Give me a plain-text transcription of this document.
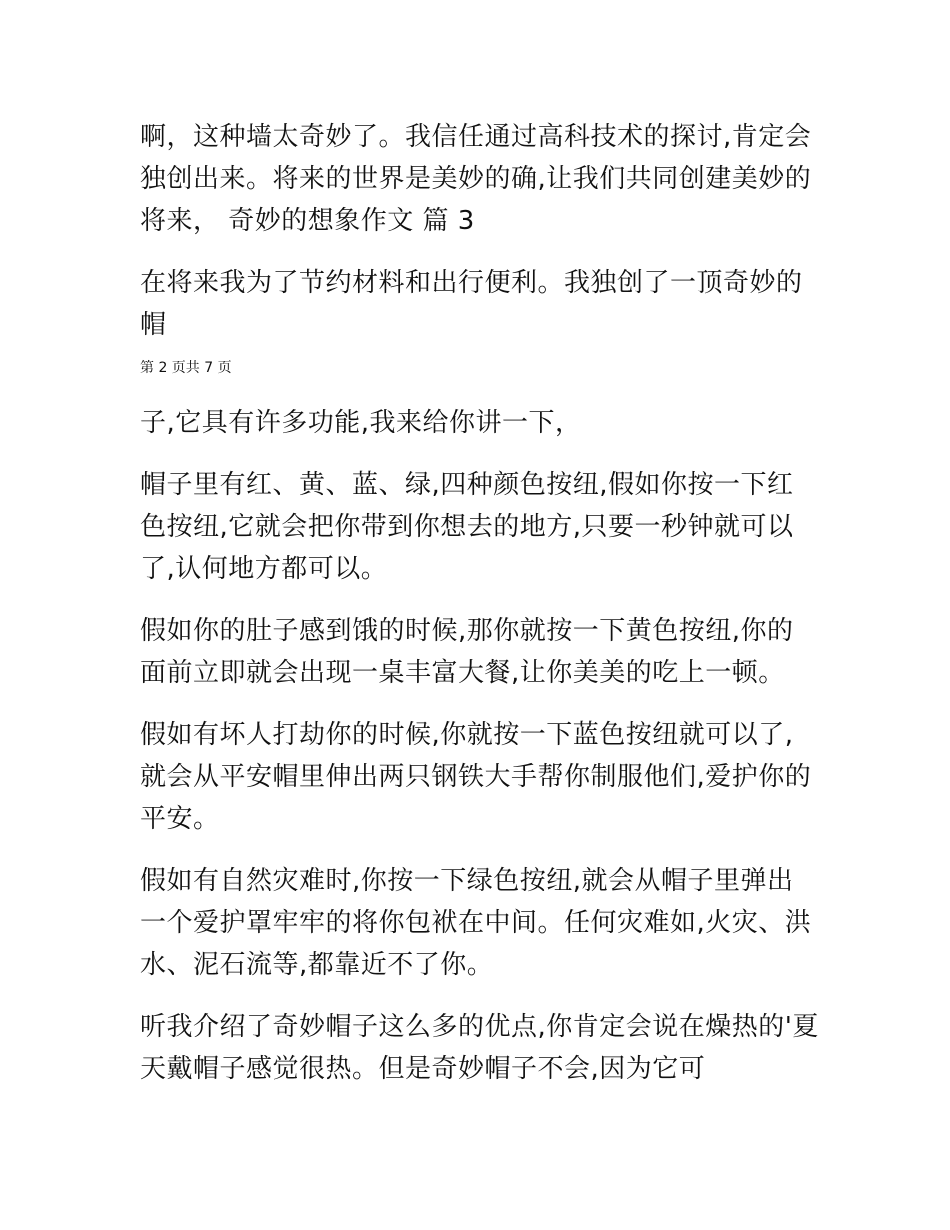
啊，这种墙太奇妙了。我信任通过高科技术的探讨,肯定会独创出来。将来的世界是美妙的确,让我们共同创建美妙的将来， 奇妙的想象作文 篇 3

在将来我为了节约材料和出行便利。我独创了一顶奇妙的帽

第 2 页共 7 页

子,它具有许多功能,我来给你讲一下，

帽子里有红、黄、蓝、绿,四种颜色按纽,假如你按一下红色按纽,它就会把你带到你想去的地方,只要一秒钟就可以了,认何地方都可以。

假如你的肚子感到饿的时候,那你就按一下黄色按纽,你的面前立即就会出现一桌丰富大餐,让你美美的吃上一顿。

假如有坏人打劫你的时候,你就按一下蓝色按纽就可以了,就会从平安帽里伸出两只钢铁大手帮你制服他们,爱护你的平安。

假如有自然灾难时,你按一下绿色按纽,就会从帽子里弹出一个爱护罩牢牢的将你包袱在中间。任何灾难如,火灾、洪水、泥石流等,都靠近不了你。

听我介绍了奇妙帽子这么多的优点,你肯定会说在燥热的'夏天戴帽子感觉很热。但是奇妙帽子不会,因为它可
